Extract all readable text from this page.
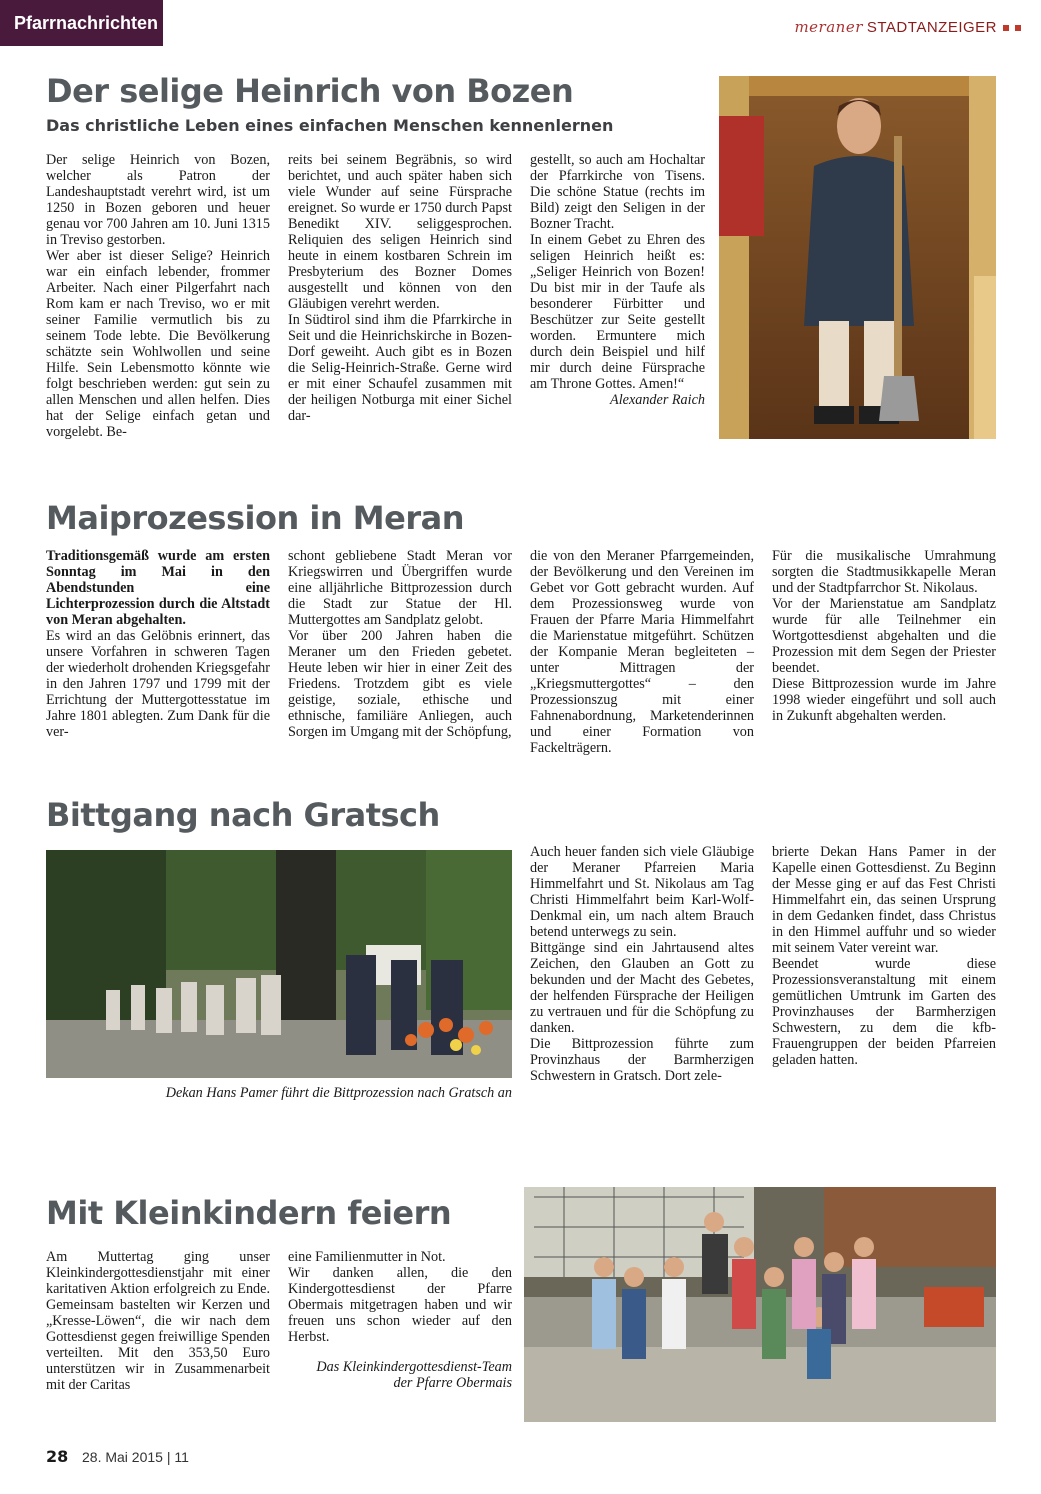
Pfarrnachrichten	meraner STADTANZEIGER
Der selige Heinrich von Bozen
Das christliche Leben eines einfachen Menschen kennenlernen

Der selige Heinrich von Bozen, welcher als Patron der Landeshauptstadt verehrt wird, ist um 1250 in Bozen geboren und heuer genau vor 700 Jahren am 10. Juni 1315 in Treviso gestorben.

Wer aber ist dieser Selige? Heinrich war ein einfach lebender, frommer Arbeiter. Nach einer Pilgerfahrt nach Rom kam er nach Treviso, wo er mit seiner Familie vermutlich bis zu seinem Tode lebte. Die Bevölkerung schätzte sein Wohlwollen und seine Hilfe. Sein Lebensmotto könnte wie folgt beschrieben werden: gut sein zu allen Menschen und allen helfen. Dies hat der Selige einfach getan und vorgelebt. Be-

reits bei seinem Begräbnis, so wird berichtet, und auch später haben sich viele Wunder auf seine Fürsprache ereignet. So wurde er 1750 durch Papst Benedikt XIV. seliggesprochen. Reliquien des seligen Heinrich sind heute in einem kostbaren Schrein im Presbyterium des Bozner Domes ausgestellt und können von den Gläubigen verehrt werden.

In Südtirol sind ihm die Pfarrkirche in Seit und die Heinrichskirche in Bozen-Dorf geweiht. Auch gibt es in Bozen die Selig-Heinrich-Straße. Gerne wird er mit einer Schaufel zusammen mit der heiligen Notburga mit einer Sichel dar-

gestellt, so auch am Hochaltar der Pfarrkirche von Tisens. Die schöne Statue (rechts im Bild) zeigt den Seligen in der Bozner Tracht.

In einem Gebet zu Ehren des seligen Heinrich heißt es: „Seliger Heinrich von Bozen! Du bist mir in der Taufe als besonderer Fürbitter und Beschützer zur Seite gestellt worden. Ermuntere mich durch dein Beispiel und hilf mir durch deine Fürsprache am Throne Gottes. Amen!“

Alexander Raich

Maiprozession in Meran

Traditionsgemäß wurde am ersten Sonntag im Mai in den Abendstunden eine Lichterprozession durch die Altstadt von Meran abgehalten.

Es wird an das Gelöbnis erinnert, das unsere Vorfahren in schweren Tagen der wiederholt drohenden Kriegsgefahr in den Jahren 1797 und 1799 mit der Errichtung der Muttergottesstatue im Jahre 1801 ablegten. Zum Dank für die ver-

schont gebliebene Stadt Meran vor Kriegswirren und Übergriffen wurde eine alljährliche Bittprozession durch die Stadt zur Statue der Hl. Muttergottes am Sandplatz gelobt.

Vor über 200 Jahren haben die Meraner um den Frieden gebetet. Heute leben wir hier in einer Zeit des Friedens. Trotzdem gibt es viele geistige, soziale, ethische und ethnische, familiäre Anliegen, auch Sorgen im Umgang mit der Schöpfung,

die von den Meraner Pfarrgemeinden, der Bevölkerung und den Vereinen im Gebet vor Gott gebracht wurden. Auf dem Prozessionsweg wurde von Frauen der Pfarre Maria Himmelfahrt die Marienstatue mitgeführt. Schützen der Kompanie Meran begleiteten – unter Mittragen der „Kriegsmuttergottes“ – den Prozessionszug mit einer Fahnenabordnung, Marketenderinnen und einer Formation von Fackelträgern.

Für die musikalische Umrahmung sorgten die Stadtmusikkapelle Meran und der Stadtpfarrchor St. Nikolaus.

Vor der Marienstatue am Sandplatz wurde für alle Teilnehmer ein Wortgottesdienst abgehalten und die Prozession mit dem Segen der Priester beendet.

Diese Bittprozession wurde im Jahre 1998 wieder eingeführt und soll auch in Zukunft abgehalten werden.

Bittgang nach Gratsch
Dekan Hans Pamer führt die Bittprozession nach Gratsch an

Auch heuer fanden sich viele Gläubige der Meraner Pfarreien Maria Himmelfahrt und St. Nikolaus am Tag Christi Himmelfahrt beim Karl-Wolf-Denkmal ein, um nach altem Brauch betend unterwegs zu sein.

Bittgänge sind ein Jahrtausend altes Zeichen, den Glauben an Gott zu bekunden und der Macht des Gebetes, der helfenden Fürsprache der Heiligen zu vertrauen und für die Schöpfung zu danken.

Die Bittprozession führte zum Provinzhaus der Barmherzigen Schwestern in Gratsch. Dort zele-

brierte Dekan Hans Pamer in der Kapelle einen Gottesdienst. Zu Beginn der Messe ging er auf das Fest Christi Himmelfahrt ein, das seinen Ursprung in dem Gedanken findet, dass Christus in den Himmel auffuhr und so wieder mit seinem Vater vereint war.

Beendet wurde diese Prozessionsveranstaltung mit einem gemütlichen Umtrunk im Garten des Provinzhauses der Barmherzigen Schwestern, zu dem die kfb-Frauengruppen der beiden Pfarreien geladen hatten.

Mit Kleinkindern feiern

Am Muttertag ging unser Kleinkindergottesdienstjahr mit einer karitativen Aktion erfolgreich zu Ende. Gemeinsam bastelten wir Kerzen und „Kresse-Löwen“, die wir nach dem Gottesdienst gegen freiwillige Spenden verteilten. Mit den 353,50 Euro unterstützen wir in Zusammenarbeit mit der Caritas

eine Familienmutter in Not.

Wir danken allen, die den Kindergottesdienst der Pfarre Obermais mitgetragen haben und wir freuen uns schon wieder auf den Herbst.

Das Kleinkindergottesdienst-Team

der Pfarre Obermais

28 28. Mai 2015 | 11
